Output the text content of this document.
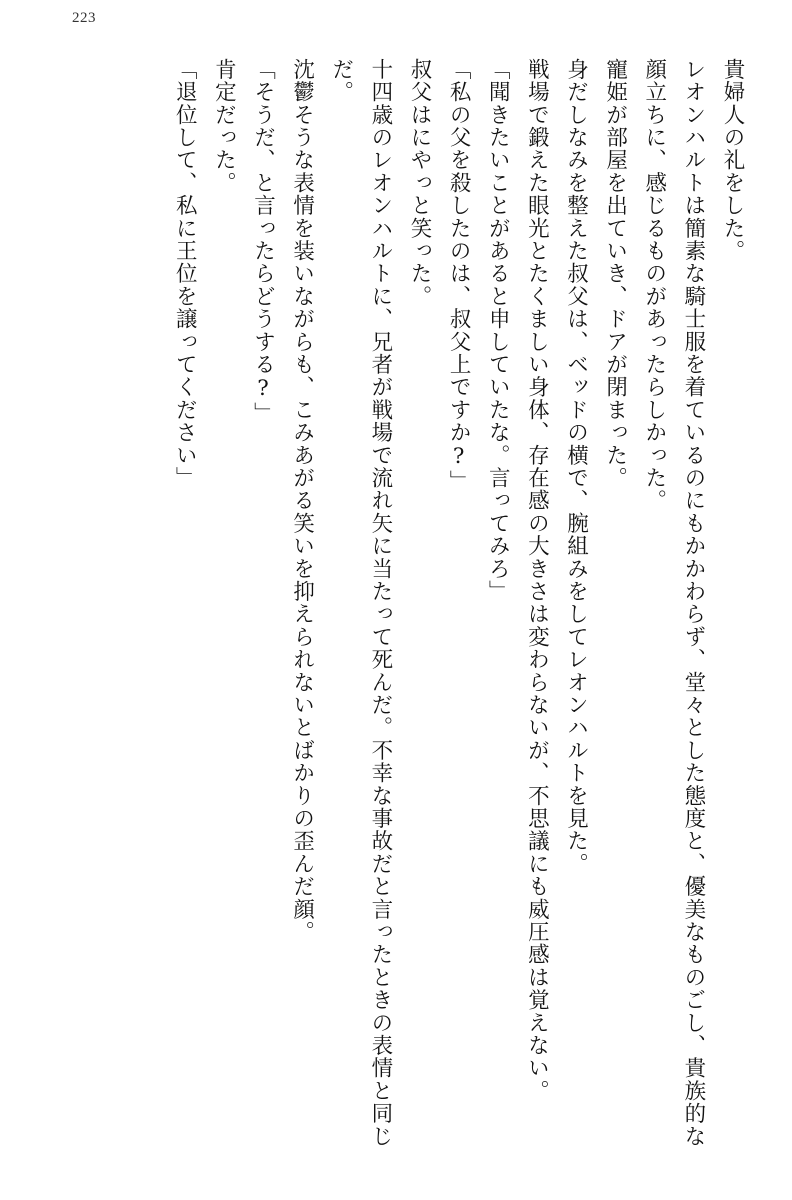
223

貴婦人の礼をした。

レオンハルトは簡素な騎士服を着ているのにもかかわらず、堂々とした態度と、優美なものごし、貴族的な顔立ちに、感じるものがあったらしかった。

寵姫が部屋を出ていき、ドアが閉まった。

身だしなみを整えた叔父は、ベッドの横で、腕組みをしてレオンハルトを見た。

戦場で鍛えた眼光とたくましい身体、存在感の大きさは変わらないが、不思議にも威圧感は覚えない。

「聞きたいことがあると申していたな。言ってみろ」

「私の父を殺したのは、叔父上ですか?」

叔父はにやっと笑った。

十四歳のレオンハルトに、兄者が戦場で流れ矢に当たって死んだ。不幸な事故だと言ったときの表情と同じだ。

沈鬱そうな表情を装いながらも、こみあがる笑いを抑えられないとばかりの歪んだ顔。

「そうだ、と言ったらどうする?」

肯定だった。

「退位して、私に王位を譲ってください」
